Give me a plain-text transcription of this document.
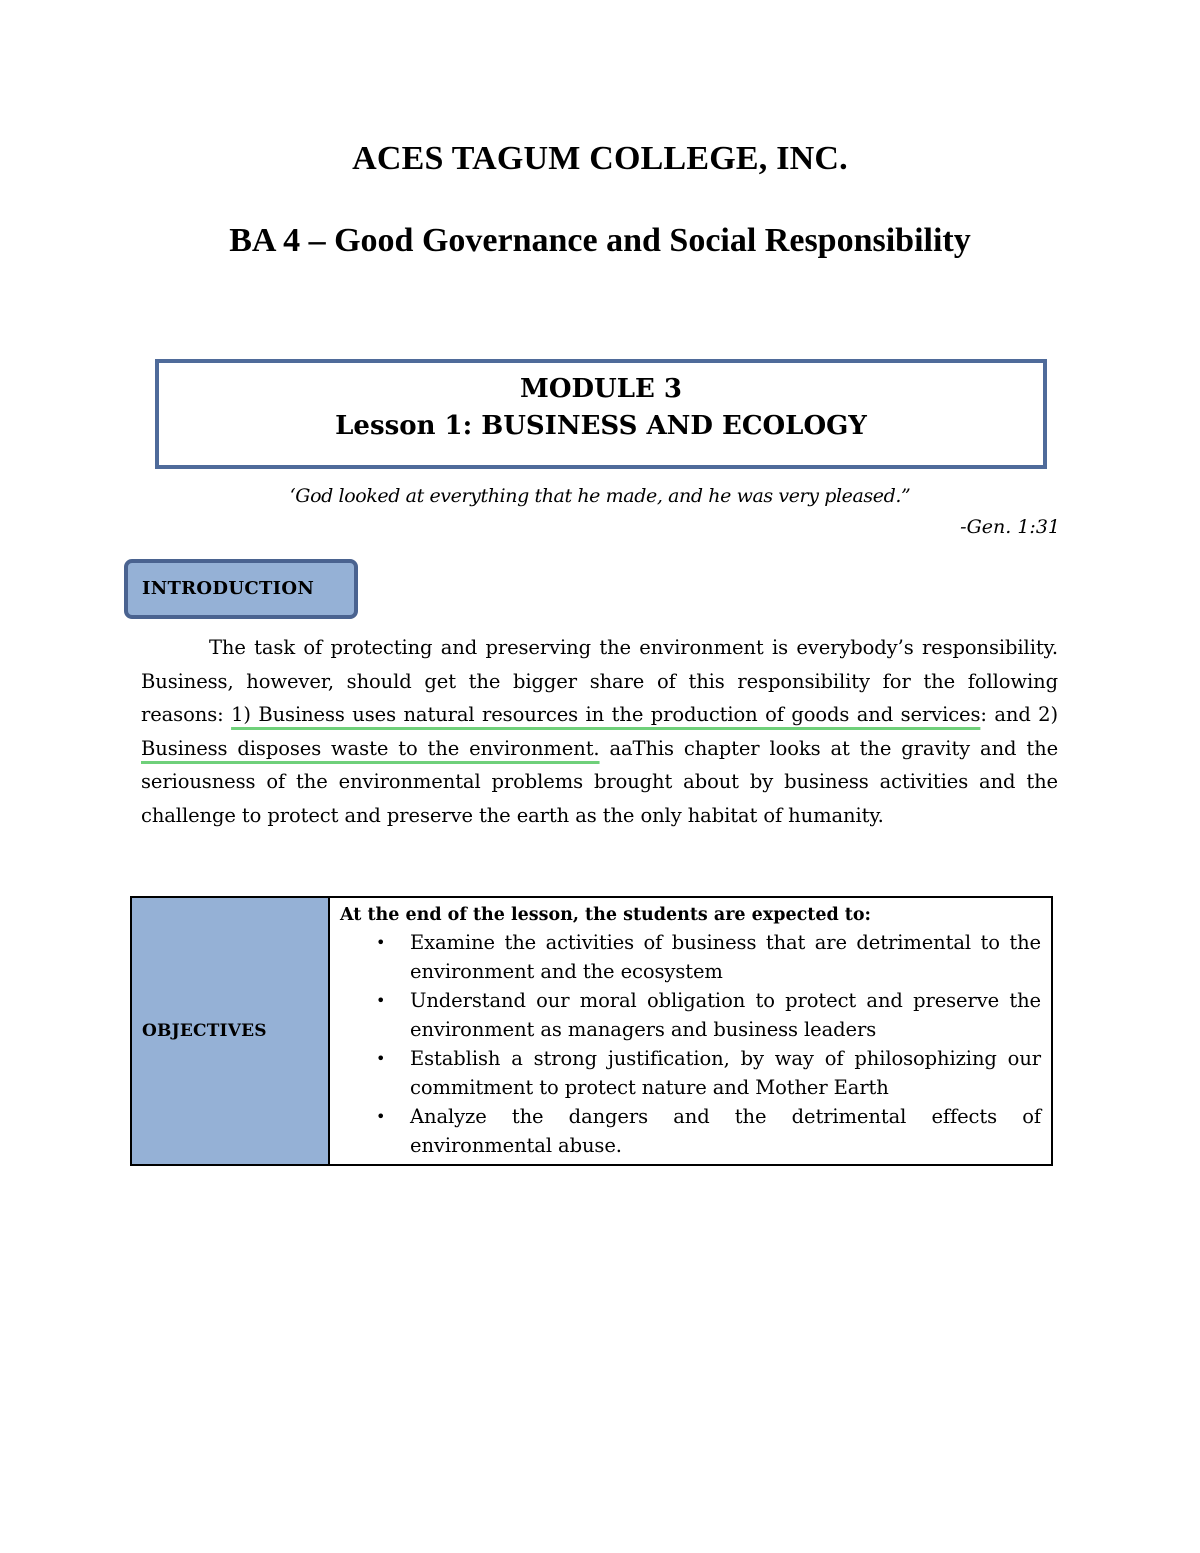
ACES TAGUM COLLEGE, INC.
BA 4 – Good Governance and Social Responsibility
MODULE 3
Lesson 1: BUSINESS AND ECOLOGY
‘God looked at everything that he made, and he was very pleased.”
-Gen. 1:31
INTRODUCTION
The task of protecting and preserving the environment is everybody’s responsibility. Business, however, should get the bigger share of this responsibility for the following reasons: 1) Business uses natural resources in the production of goods and services: and 2) Business disposes waste to the environment. aaThis chapter looks at the gravity and the seriousness of the environmental problems brought about by business activities and the challenge to protect and preserve the earth as the only habitat of humanity.
OBJECTIVES	
At the end of the lesson, the students are expected to:
• Examine the activities of business that are detrimental to the environment and the ecosystem
• Understand our moral obligation to protect and preserve the environment as managers and business leaders
• Establish a strong justification, by way of philosophizing our commitment to protect nature and Mother Earth
• Analyze the dangers and the detrimental effects of environmental abuse.
